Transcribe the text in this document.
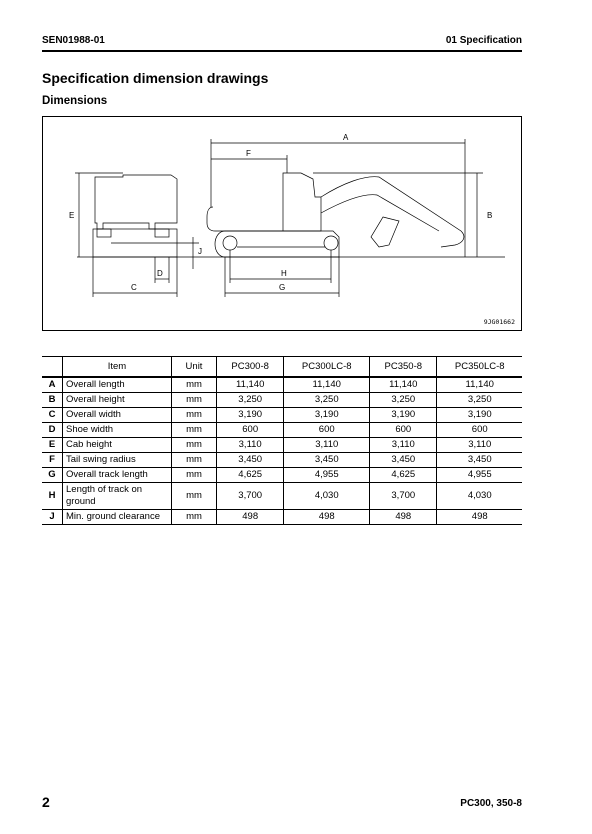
SEN01988-01	01 Specification
Specification dimension drawings
Dimensions
A
F
B
E
J
D
C
H
G
9JG01662
	Item	Unit	PC300-8	PC300LC-8	PC350-8	PC350LC-8
A	Overall length	mm	11,140	11,140	11,140	11,140
B	Overall height	mm	3,250	3,250	3,250	3,250
C	Overall width	mm	3,190	3,190	3,190	3,190
D	Shoe width	mm	600	600	600	600
E	Cab height	mm	3,110	3,110	3,110	3,110
F	Tail swing radius	mm	3,450	3,450	3,450	3,450
G	Overall track length	mm	4,625	4,955	4,625	4,955
H	Length of track on ground	mm	3,700	4,030	3,700	4,030
J	Min. ground clearance	mm	498	498	498	498
2	PC300, 350-8
